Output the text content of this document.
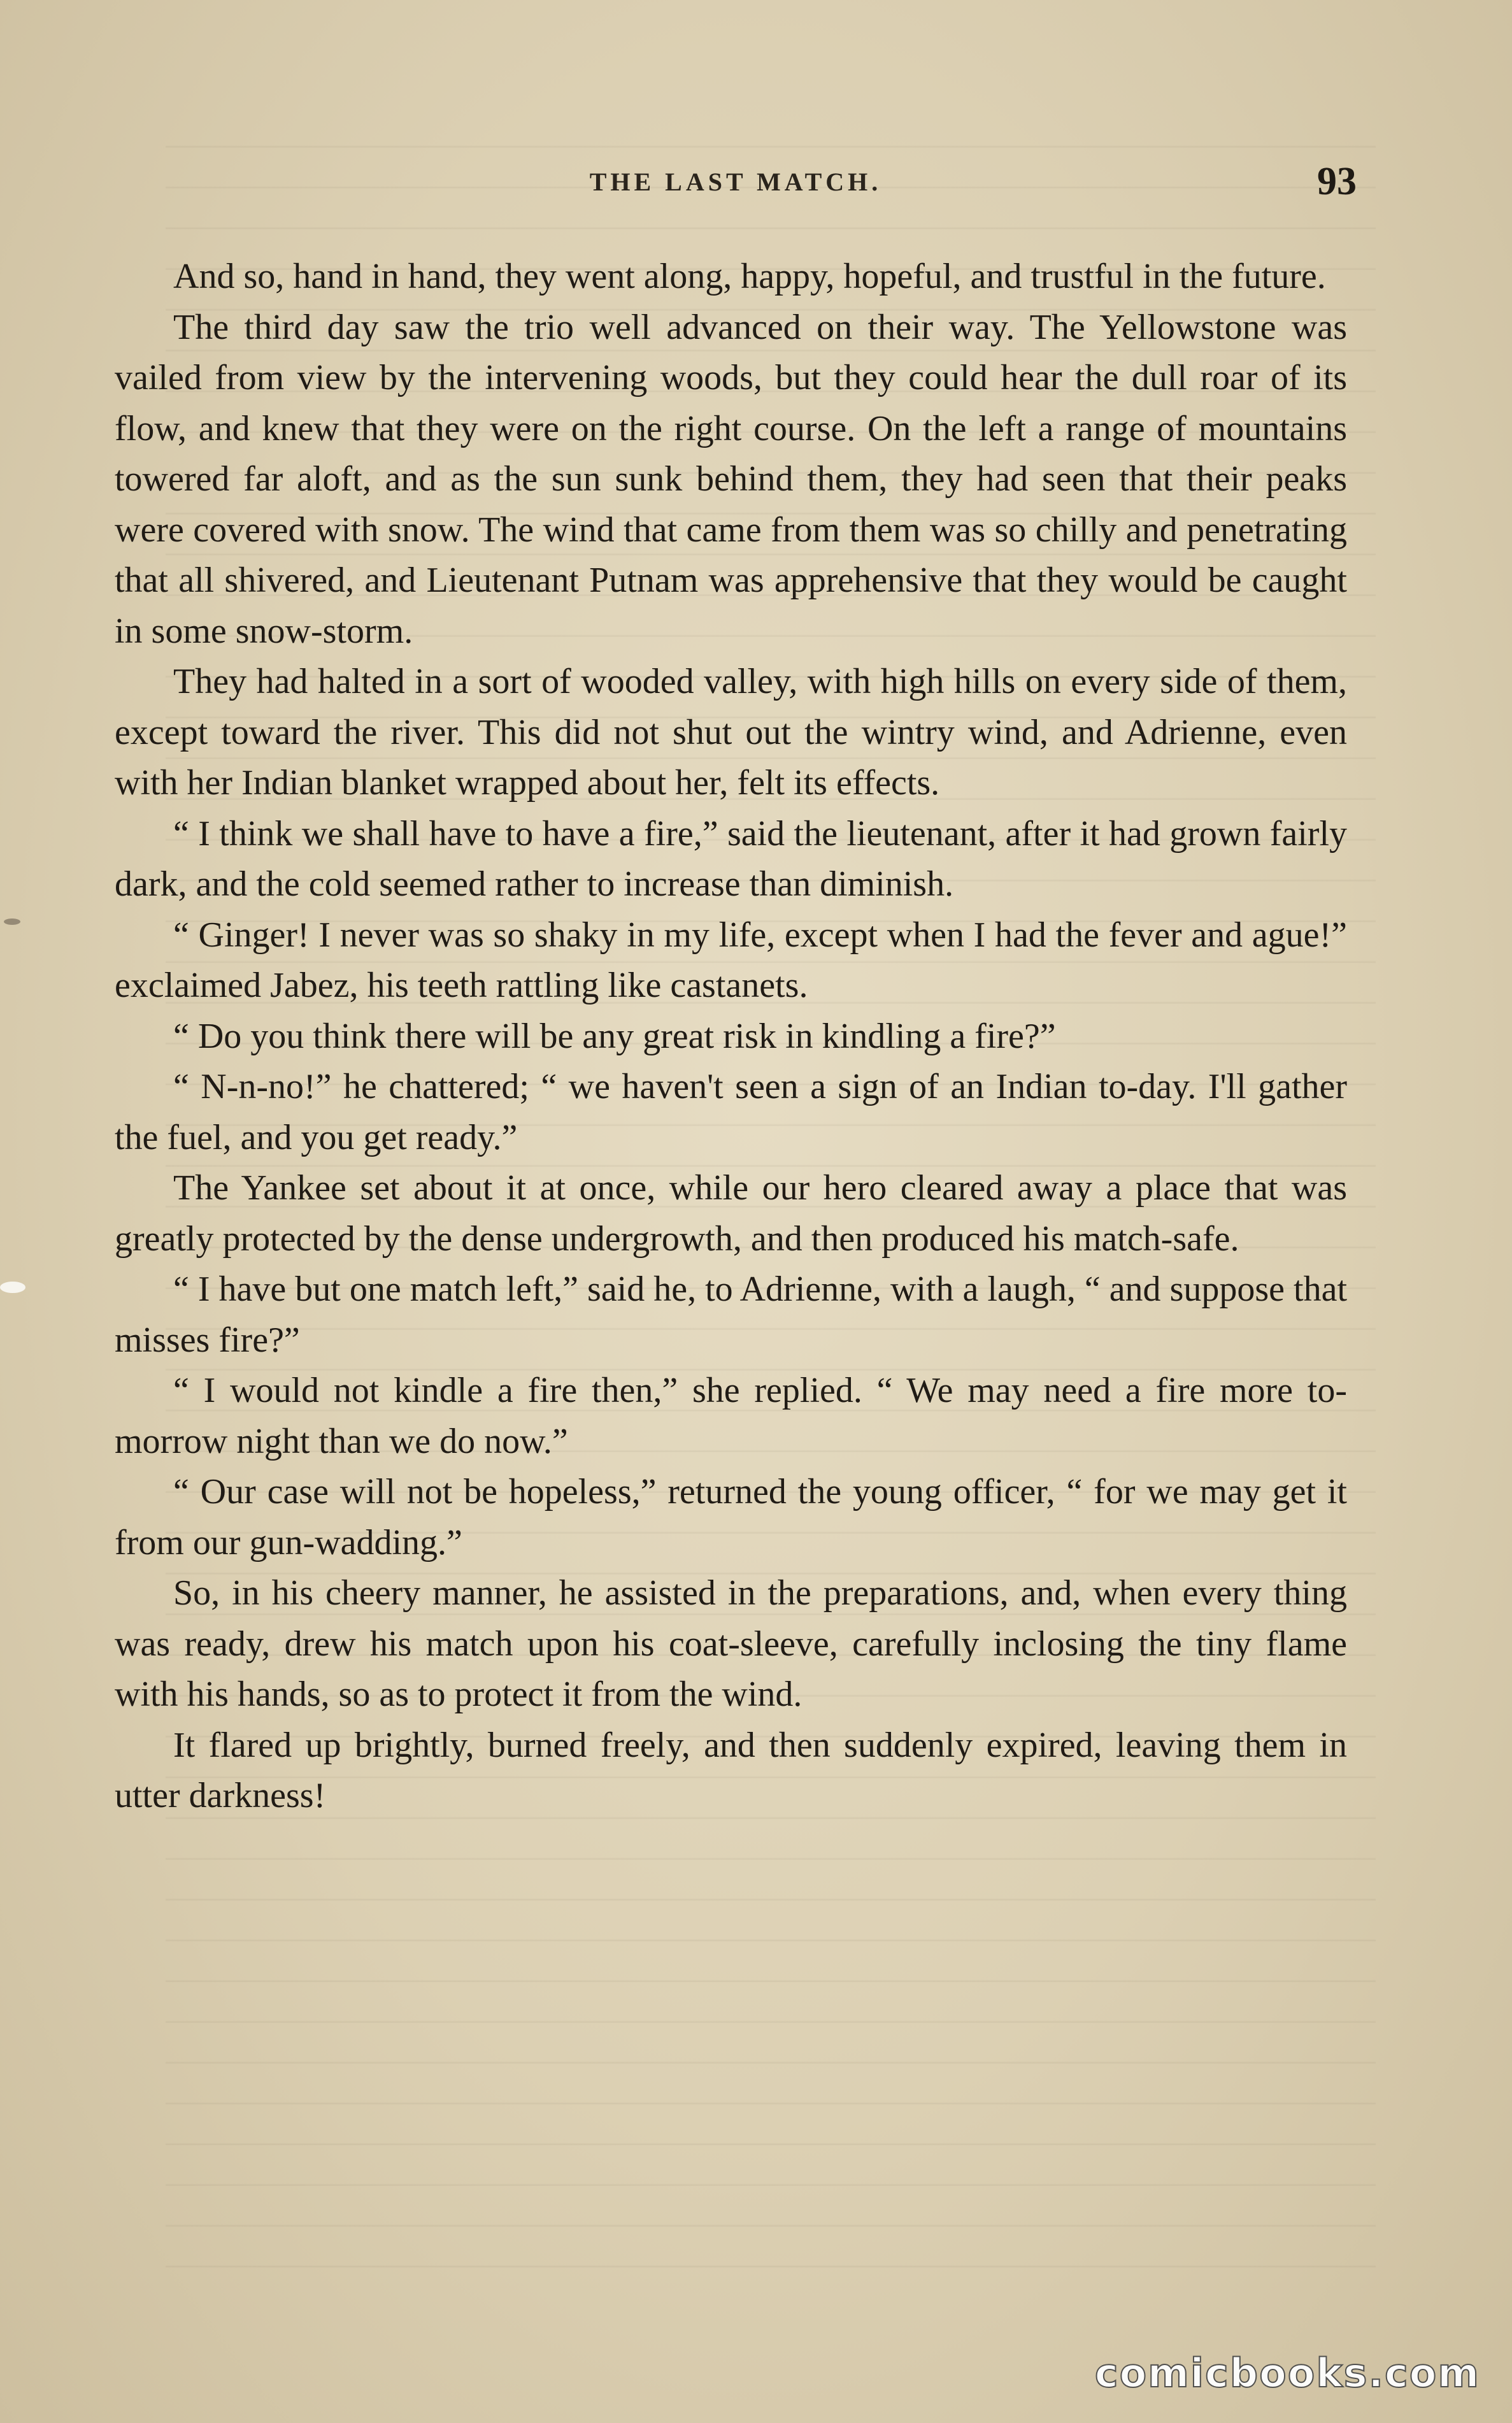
THE LAST MATCH.	93

And so, hand in hand, they went along, happy, hopeful, and trustful in the future.

The third day saw the trio well advanced on their way. The Yellowstone was vailed from view by the intervening woods, but they could hear the dull roar of its flow, and knew that they were on the right course. On the left a range of mountains towered far aloft, and as the sun sunk behind them, they had seen that their peaks were covered with snow. The wind that came from them was so chilly and penetrating that all shivered, and Lieutenant Putnam was apprehensive that they would be caught in some snow-storm.

They had halted in a sort of wooded valley, with high hills on every side of them, except toward the river. This did not shut out the wintry wind, and Adrienne, even with her Indian blanket wrapped about her, felt its effects.

“ I think we shall have to have a fire,” said the lieutenant, after it had grown fairly dark, and the cold seemed rather to increase than diminish.

“ Ginger! I never was so shaky in my life, except when I had the fever and ague!” exclaimed Jabez, his teeth rattling like castanets.

“ Do you think there will be any great risk in kindling a fire?”

“ N-n-no!” he chattered; “ we haven't seen a sign of an Indian to-day. I'll gather the fuel, and you get ready.”

The Yankee set about it at once, while our hero cleared away a place that was greatly protected by the dense undergrowth, and then produced his match-safe.

“ I have but one match left,” said he, to Adrienne, with a laugh, “ and suppose that misses fire?”

“ I would not kindle a fire then,” she replied. “ We may need a fire more to-morrow night than we do now.”

“ Our case will not be hopeless,” returned the young officer, “ for we may get it from our gun-wadding.”

So, in his cheery manner, he assisted in the preparations, and, when every thing was ready, drew his match upon his coat-sleeve, carefully inclosing the tiny flame with his hands, so as to protect it from the wind.

It flared up brightly, burned freely, and then suddenly expired, leaving them in utter darkness!

comicbooks.com
